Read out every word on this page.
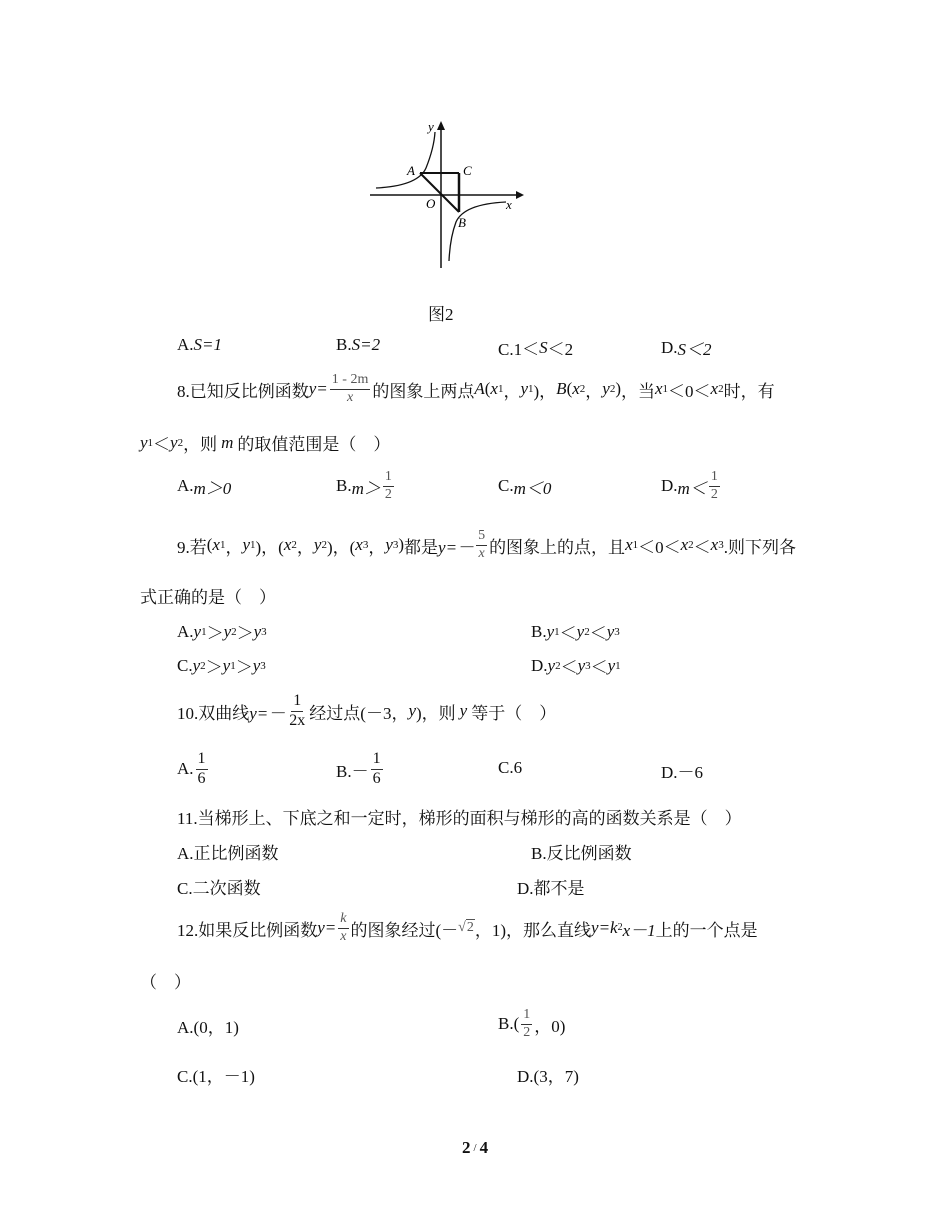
y
A	C
O	x
B
图2
A. S=1	B. S=2	C.1＜ S ＜2	D. S＜2
8.已知反比例函数 $y= \frac{1 - 2m}{x}$ 的图象上两点 A ( x 1 ， y 1 )， B ( x 2 ， y 2 ) ，当 x 1 ＜0＜ x 2 时，有
y 1 ＜ y 2 ，则 m 的取值范围是（　）
A. m＞0	B. $m> \frac{1}{2}$	C. m＜0	D. $m< \frac{1}{2}$
9.若 ( x 1 ， y 1 )，( x 2 ， y 2 )，( x 3 ， y 3 ) 都是 $y=- \frac{5}{x}$ 的图象上的点，且 x 1 ＜0＜ x 2 ＜ x 3 .则下列各
式正确的是（　）
A. y 1 ＞ y 2 ＞ y 3	B. y 1 ＜ y 2 ＜ y 3
C. y 2 ＞ y 1 ＞ y 3	D. y 2 ＜ y 3 ＜ y 1
10.双曲线 $y=- \frac{1}{2x}$ 经过点(－3， y )，则 y 等于（　）
A. $\frac{1}{6}$	$B.- \frac{1}{6}$	C.6	D.－6
11.当梯形上、下底之和一定时，梯形的面积与梯形的高的函数关系是（　）
A.正比例函数	B.反比例函数
C.二次函数	D.都不是
12.如果反比例函数 $y= \frac{k}{x}$ 的图象经过(－ √2 ，1)，那么直线 y=k 2 x－1 上的一个点是
（　）
A.(0，1)	$B.( \frac{1}{2}$ ，0)
C.(1，－1)	D.(3，7)
2 / 4
